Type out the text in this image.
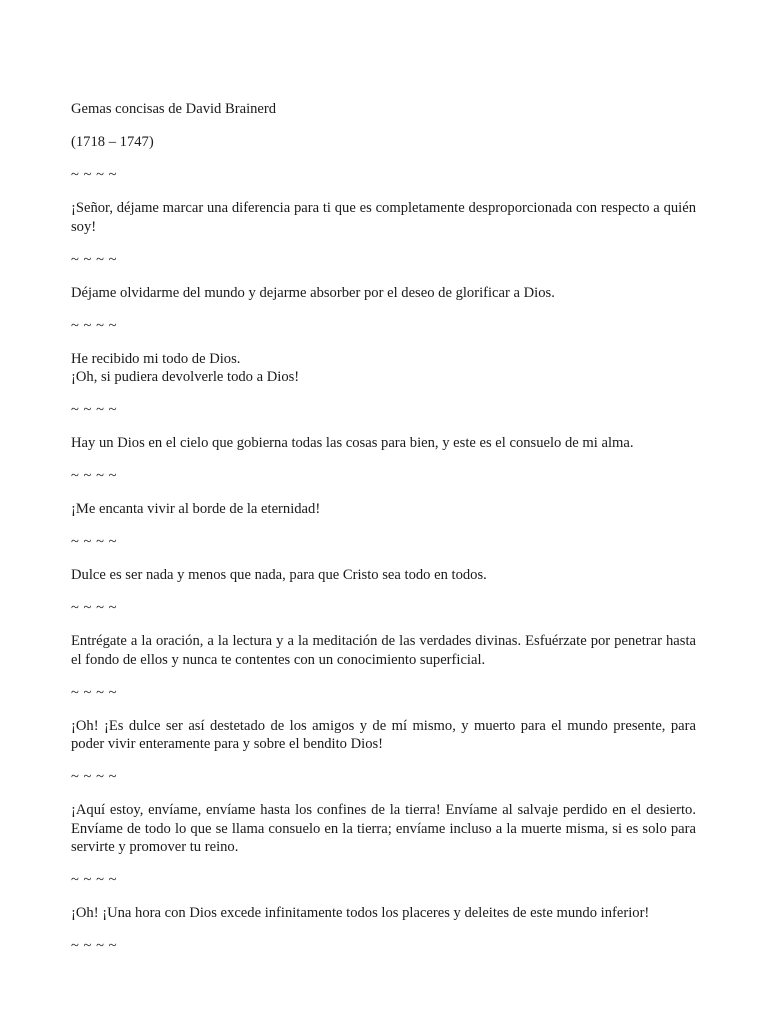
Gemas concisas de David Brainerd

(1718 – 1747)

~ ~ ~ ~

¡Señor, déjame marcar una diferencia para ti que es completamente desproporcionada con respecto a quién soy!

~ ~ ~ ~

Déjame olvidarme del mundo y dejarme absorber por el deseo de glorificar a Dios.

~ ~ ~ ~

He recibido mi todo de Dios.
¡Oh, si pudiera devolverle todo a Dios!

~ ~ ~ ~

Hay un Dios en el cielo que gobierna todas las cosas para bien, y este es el consuelo de mi alma.

~ ~ ~ ~

¡Me encanta vivir al borde de la eternidad!

~ ~ ~ ~

Dulce es ser nada y menos que nada, para que Cristo sea todo en todos.

~ ~ ~ ~

Entrégate a la oración, a la lectura y a la meditación de las verdades divinas. Esfuérzate por penetrar hasta el fondo de ellos y nunca te contentes con un conocimiento superficial.

~ ~ ~ ~

¡Oh! ¡Es dulce ser así destetado de los amigos y de mí mismo, y muerto para el mundo presente, para poder vivir enteramente para y sobre el bendito Dios!

~ ~ ~ ~

¡Aquí estoy, envíame, envíame hasta los confines de la tierra! Envíame al salvaje perdido en el desierto. Envíame de todo lo que se llama consuelo en la tierra; envíame incluso a la muerte misma, si es solo para servirte y promover tu reino.

~ ~ ~ ~

¡Oh! ¡Una hora con Dios excede infinitamente todos los placeres y deleites de este mundo inferior!

~ ~ ~ ~
